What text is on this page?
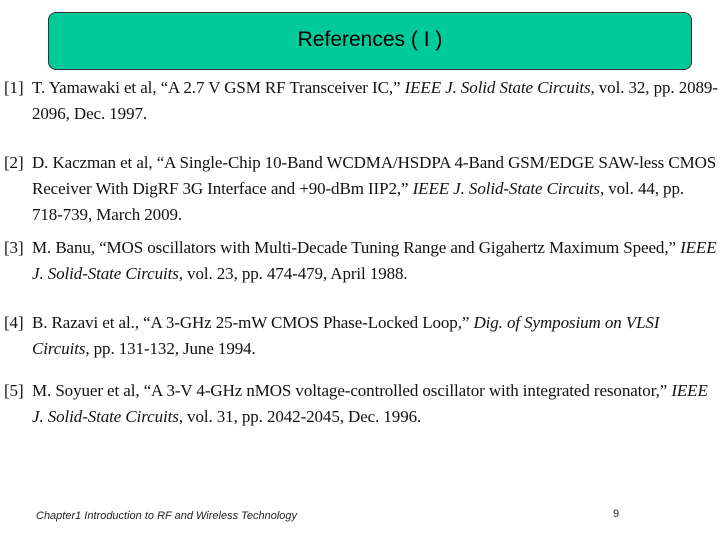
References ( I )
[1] T. Yamawaki et al, “A 2.7 V GSM RF Transceiver IC,” IEEE J. Solid State Circuits, vol. 32, pp. 2089-2096, Dec. 1997.
[2] D. Kaczman et al, “A Single-Chip 10-Band WCDMA/HSDPA 4-Band GSM/EDGE SAW-less CMOS Receiver With DigRF 3G Interface and +90-dBm IIP2,” IEEE J. Solid-State Circuits, vol. 44, pp. 718-739, March 2009.
[3] M. Banu, “MOS oscillators with Multi-Decade Tuning Range and Gigahertz Maximum Speed,” IEEE J. Solid-State Circuits, vol. 23, pp. 474-479, April 1988.
[4] B. Razavi et al., “A 3-GHz 25-mW CMOS Phase-Locked Loop,” Dig. of Symposium on VLSI Circuits, pp. 131-132, June 1994.
[5] M. Soyuer et al, “A 3-V 4-GHz nMOS voltage-controlled oscillator with integrated resonator,” IEEE J. Solid-State Circuits, vol. 31, pp. 2042-2045, Dec. 1996.
Chapter1 Introduction to RF and Wireless Technology	9
